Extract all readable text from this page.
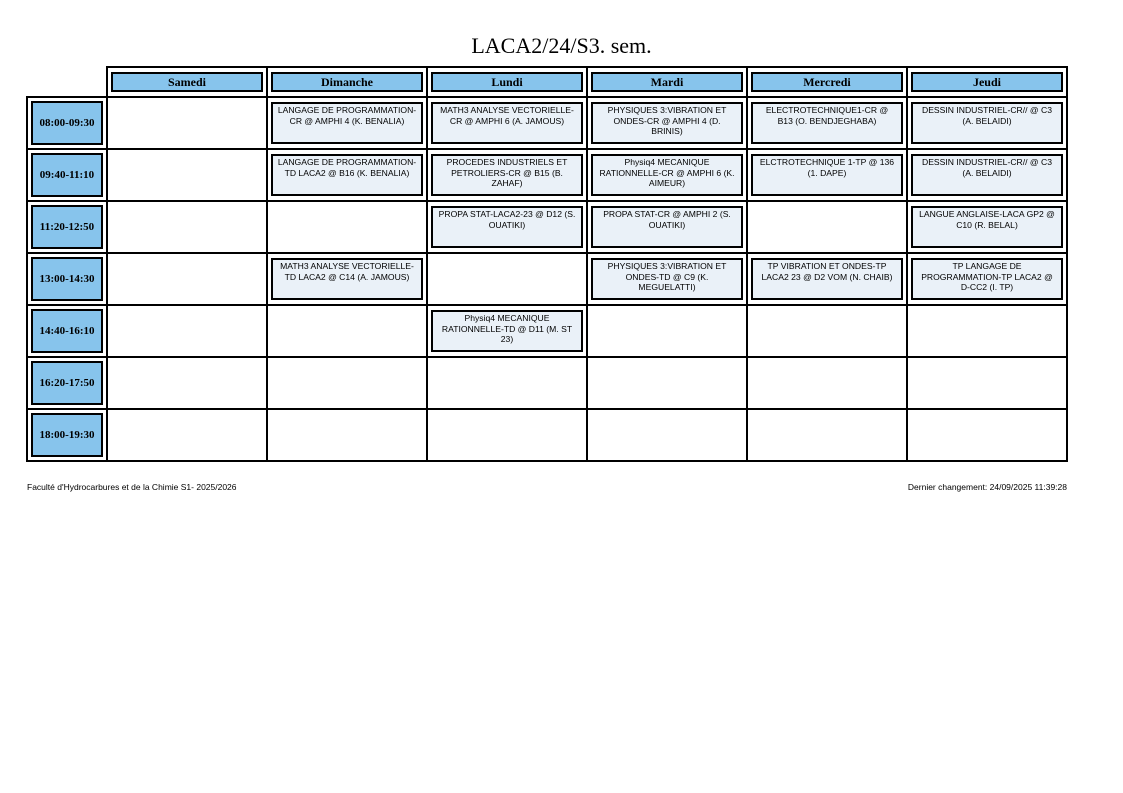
LACA2/24/S3. sem.

Samedi	Dimanche	Lundi	Mardi	Mercredi	Jeudi

08:00-09:30		LANGAGE DE PROGRAMMATION-CR @ AMPHI 4 (K. BENALIA)	MATH3 ANALYSE VECTORIELLE-CR @ AMPHI 6 (A. JAMOUS)	PHYSIQUES 3:VIBRATION ET ONDES-CR @ AMPHI 4 (D. BRINIS)	ELECTROTECHNIQUE1-CR @ B13 (O. BENDJEGHABA)	DESSIN INDUSTRIEL-CR// @ C3 (A. BELAIDI)

09:40-11:10		LANGAGE DE PROGRAMMATION-TD LACA2 @ B16 (K. BENALIA)	PROCEDES INDUSTRIELS ET PETROLIERS-CR @ B15 (B. ZAHAF)	Physiq4 MECANIQUE RATIONNELLE-CR @ AMPHI 6 (K. AIMEUR)	ELCTROTECHNIQUE 1-TP @ 136 (1. DAPE)	DESSIN INDUSTRIEL-CR// @ C3 (A. BELAIDI)

11:20-12:50			PROPA STAT-LACA2-23 @ D12 (S. OUATIKI)	PROPA STAT-CR @ AMPHI 2 (S. OUATIKI)		LANGUE ANGLAISE-LACA GP2 @ C10 (R. BELAL)

13:00-14:30		MATH3 ANALYSE VECTORIELLE-TD LACA2 @ C14 (A. JAMOUS)		PHYSIQUES 3:VIBRATION ET ONDES-TD @ C9 (K. MEGUELATTI)	TP VIBRATION ET ONDES-TP LACA2 23 @ D2 VOM (N. CHAIB)	TP LANGAGE DE PROGRAMMATION-TP LACA2 @ D-CC2 (I. TP)

14:40-16:10			Physiq4 MECANIQUE RATIONNELLE-TD @ D11 (M. ST 23)			

16:20-17:50						

18:00-19:30						

Faculté d'Hydrocarbures et de la Chimie S1- 2025/2026	Dernier changement: 24/09/2025 11:39:28
